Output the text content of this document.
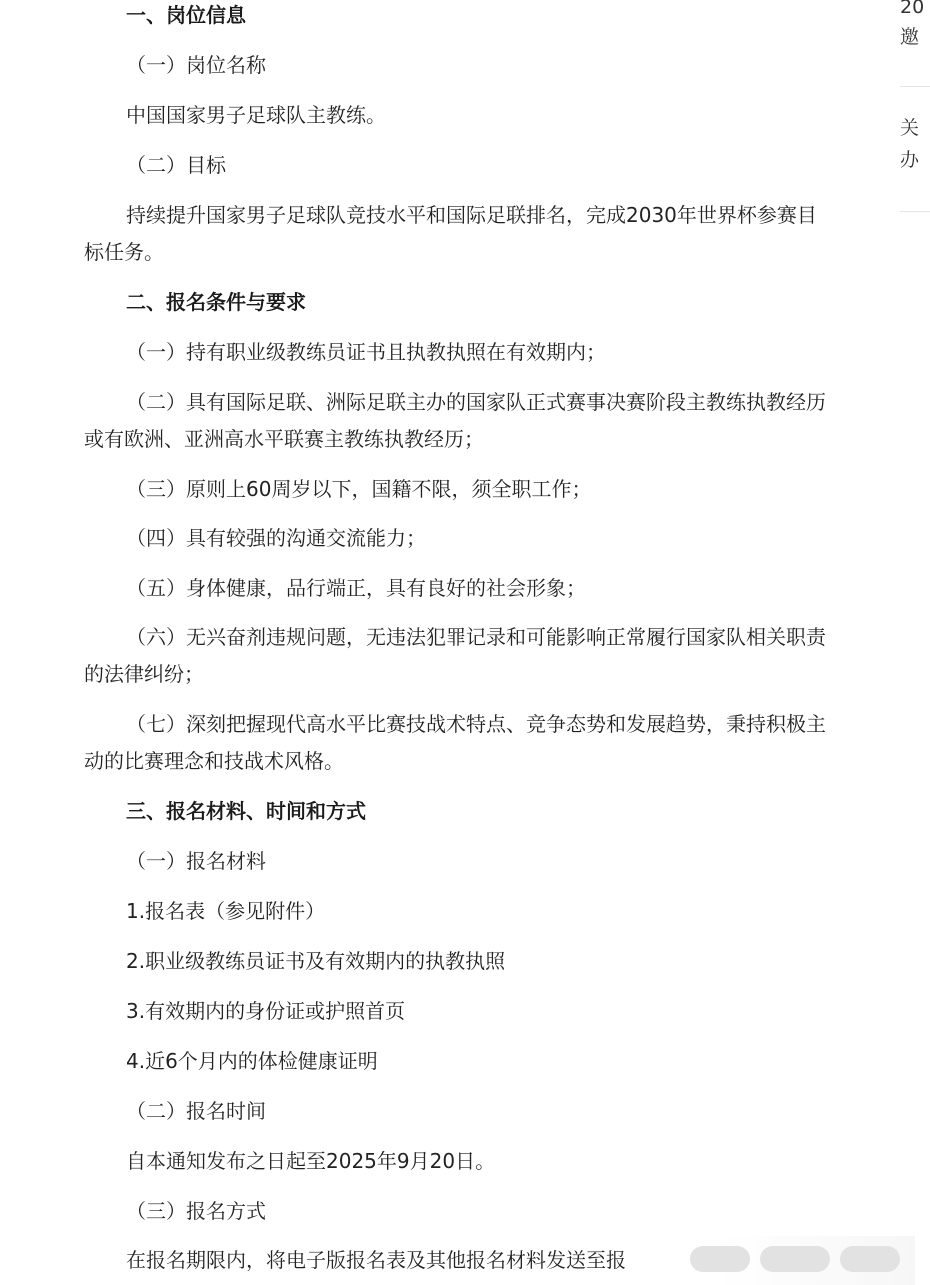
一、岗位信息
（一）岗位名称
中国国家男子足球队主教练。
（二）目标
持续提升国家男子足球队竞技水平和国际足联排名，完成2030年世界杯参赛目
标任务。
二、报名条件与要求
（一）持有职业级教练员证书且执教执照在有效期内；
（二）具有国际足联、洲际足联主办的国家队正式赛事决赛阶段主教练执教经历
或有欧洲、亚洲高水平联赛主教练执教经历；
（三）原则上60周岁以下，国籍不限，须全职工作；
（四）具有较强的沟通交流能力；
（五）身体健康，品行端正，具有良好的社会形象；
（六）无兴奋剂违规问题，无违法犯罪记录和可能影响正常履行国家队相关职责
的法律纠纷；
（七）深刻把握现代高水平比赛技战术特点、竞争态势和发展趋势，秉持积极主
动的比赛理念和技战术风格。
三、报名材料、时间和方式
（一）报名材料
1.报名表（参见附件）
2.职业级教练员证书及有效期内的执教执照
3.有效期内的身份证或护照首页
4.近6个月内的体检健康证明
（二）报名时间
自本通知发布之日起至2025年9月20日。
（三）报名方式
在报名期限内，将电子版报名表及其他报名材料发送至报
20
邀
关
办
